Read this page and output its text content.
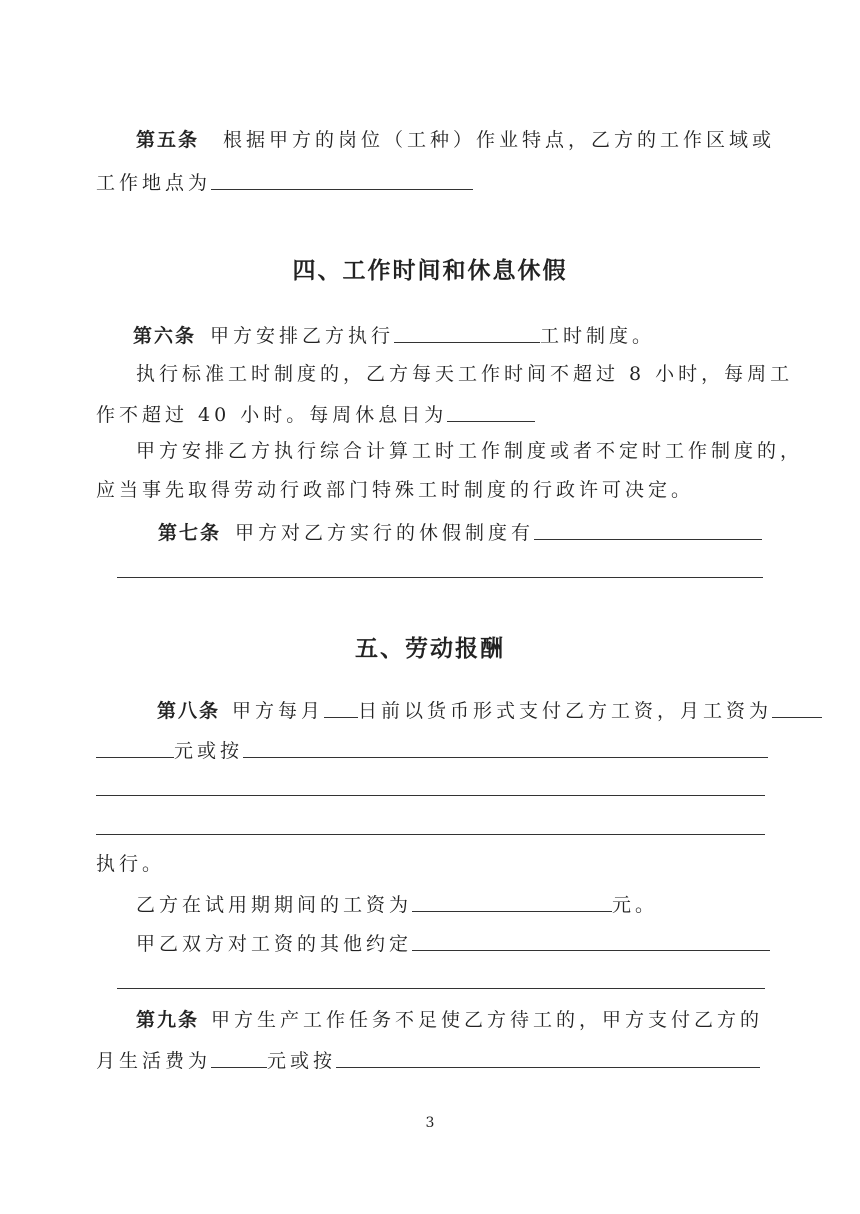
第五条 根据甲方的岗位（工种）作业特点，乙方的工作区域或
工作地点为
四、工作时间和休息休假
第六条 甲方安排乙方执行	工时制度。
执行标准工时制度的，乙方每天工作时间不超过 8 小时，每周工
作不超过 40 小时。每周休息日为
甲方安排乙方执行综合计算工时工作制度或者不定时工作制度的，
应当事先取得劳动行政部门特殊工时制度的行政许可决定。
第七条 甲方对乙方实行的休假制度有
五、劳动报酬
第八条 甲方每月 日前以货币形式支付乙方工资，月工资为
元或按
执行。
乙方在试用期期间的工资为	元。
甲乙双方对工资的其他约定
第九条 甲方生产工作任务不足使乙方待工的，甲方支付乙方的
月生活费为	元或按
3
